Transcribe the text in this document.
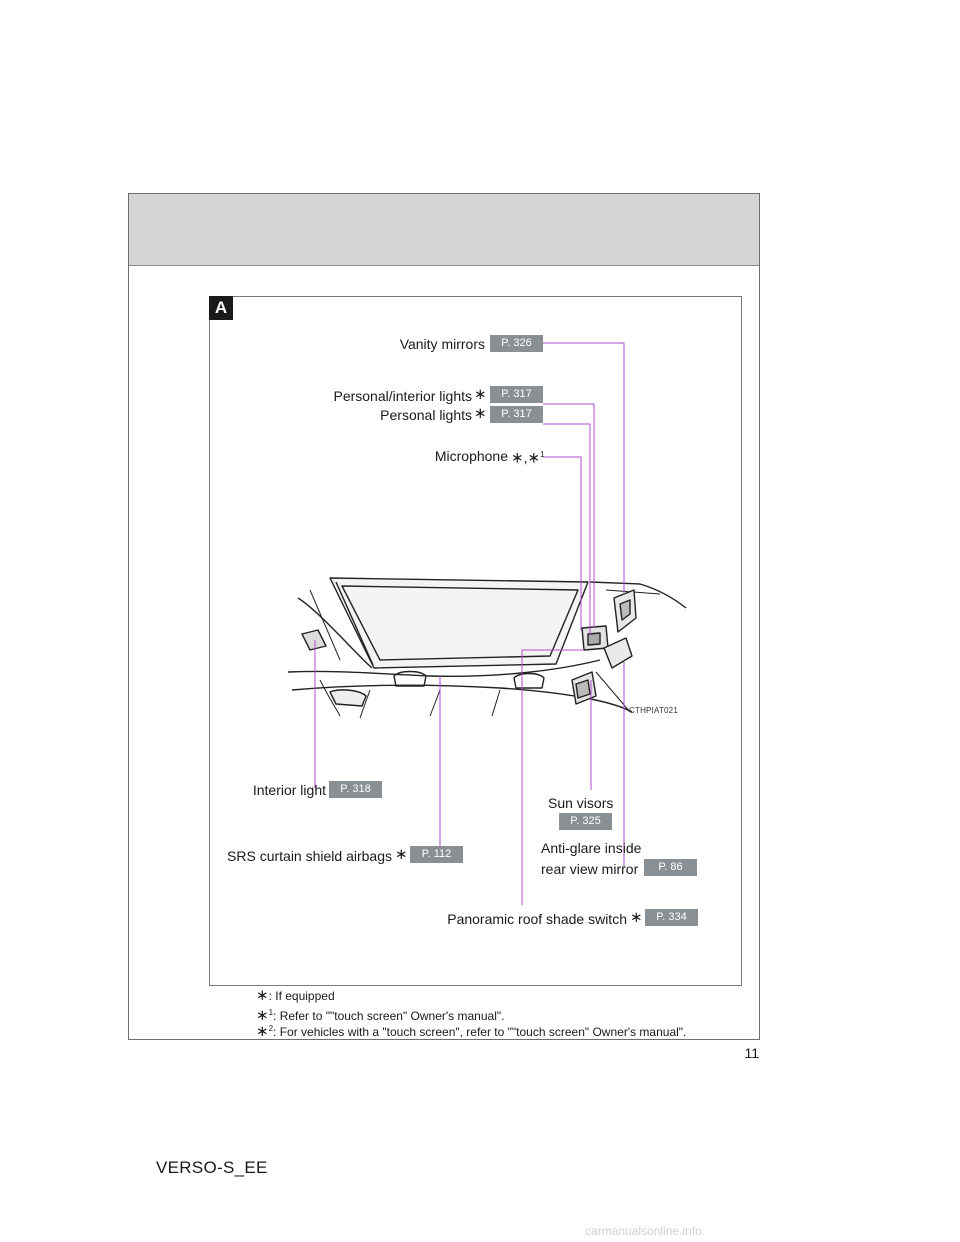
A
CTHPIAT021
Vanity mirrors	P. 326
Personal/interior lights ∗	P. 317
Personal lights ∗	P. 317
Microphone ∗,∗$^1$
Interior light	P. 318
SRS curtain shield airbags ∗	P. 112
Sun visors
P. 325
Anti-glare inside
rear view mirror	P. 86
Panoramic roof shade switch ∗	P. 334
∗: If equipped
∗$^1$: Refer to ""touch screen" Owner's manual".
∗$^2$: For vehicles with a "touch screen", refer to ""touch screen" Owner's manual".
11
VERSO-S_EE
carmanualsonline.info
